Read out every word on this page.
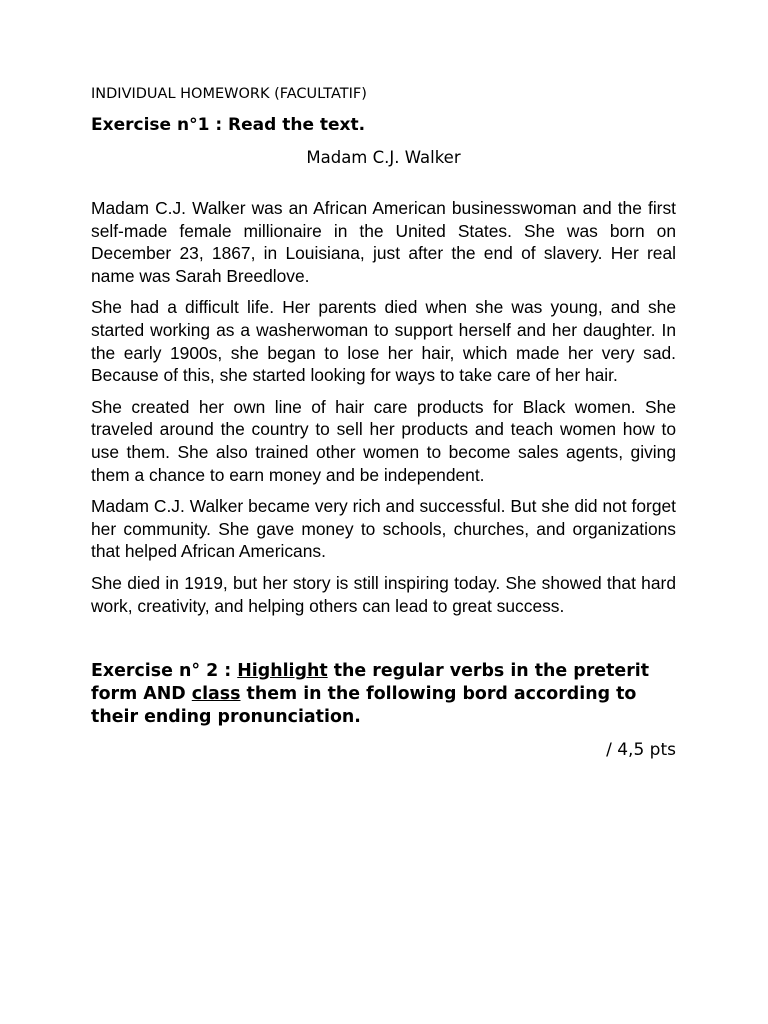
INDIVIDUAL HOMEWORK (FACULTATIF)

Exercise n°1 : Read the text.

Madam C.J. Walker

Madam C.J. Walker was an African American businesswoman and the first self-made female millionaire in the United States. She was born on December 23, 1867, in Louisiana, just after the end of slavery. Her real name was Sarah Breedlove.

She had a difficult life. Her parents died when she was young, and she started working as a washerwoman to support herself and her daughter. In the early 1900s, she began to lose her hair, which made her very sad. Because of this, she started looking for ways to take care of her hair.

She created her own line of hair care products for Black women. She traveled around the country to sell her products and teach women how to use them. She also trained other women to become sales agents, giving them a chance to earn money and be independent.

Madam C.J. Walker became very rich and successful. But she did not forget her community. She gave money to schools, churches, and organizations that helped African Americans.

She died in 1919, but her story is still inspiring today. She showed that hard work, creativity, and helping others can lead to great success.

Exercise n° 2 : Highlight the regular verbs in the preterit form AND class them in the following bord according to their ending pronunciation.

/ 4,5 pts
